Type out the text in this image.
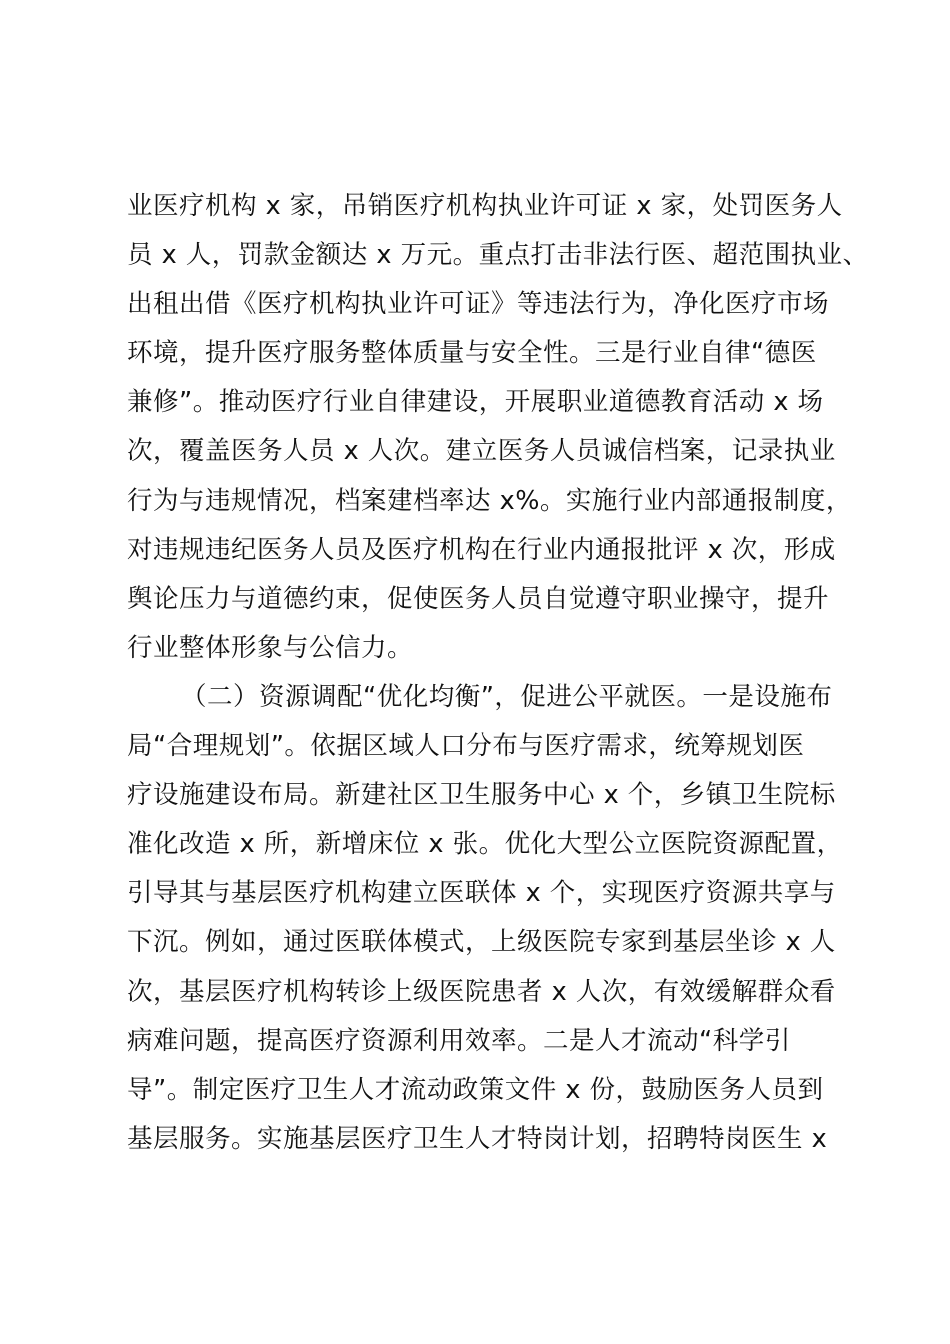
业医疗机构 x 家，吊销医疗机构执业许可证 x 家，处罚医务人
员 x 人，罚款金额达 x 万元。重点打击非法行医、超范围执业、
出租出借《医疗机构执业许可证》等违法行为，净化医疗市场
环境，提升医疗服务整体质量与安全性。三是行业自律“德医
兼修”。推动医疗行业自律建设，开展职业道德教育活动 x 场
次，覆盖医务人员 x 人次。建立医务人员诚信档案，记录执业
行为与违规情况，档案建档率达 x%。实施行业内部通报制度，
对违规违纪医务人员及医疗机构在行业内通报批评 x 次，形成
舆论压力与道德约束，促使医务人员自觉遵守职业操守，提升
行业整体形象与公信力。
（二）资源调配“优化均衡”，促进公平就医。一是设施布
局“合理规划”。依据区域人口分布与医疗需求，统筹规划医
疗设施建设布局。新建社区卫生服务中心 x 个，乡镇卫生院标
准化改造 x 所，新增床位 x 张。优化大型公立医院资源配置，
引导其与基层医疗机构建立医联体 x 个，实现医疗资源共享与
下沉。例如，通过医联体模式，上级医院专家到基层坐诊 x 人
次，基层医疗机构转诊上级医院患者 x 人次，有效缓解群众看
病难问题，提高医疗资源利用效率。二是人才流动“科学引
导”。制定医疗卫生人才流动政策文件 x 份，鼓励医务人员到
基层服务。实施基层医疗卫生人才特岗计划，招聘特岗医生 x
